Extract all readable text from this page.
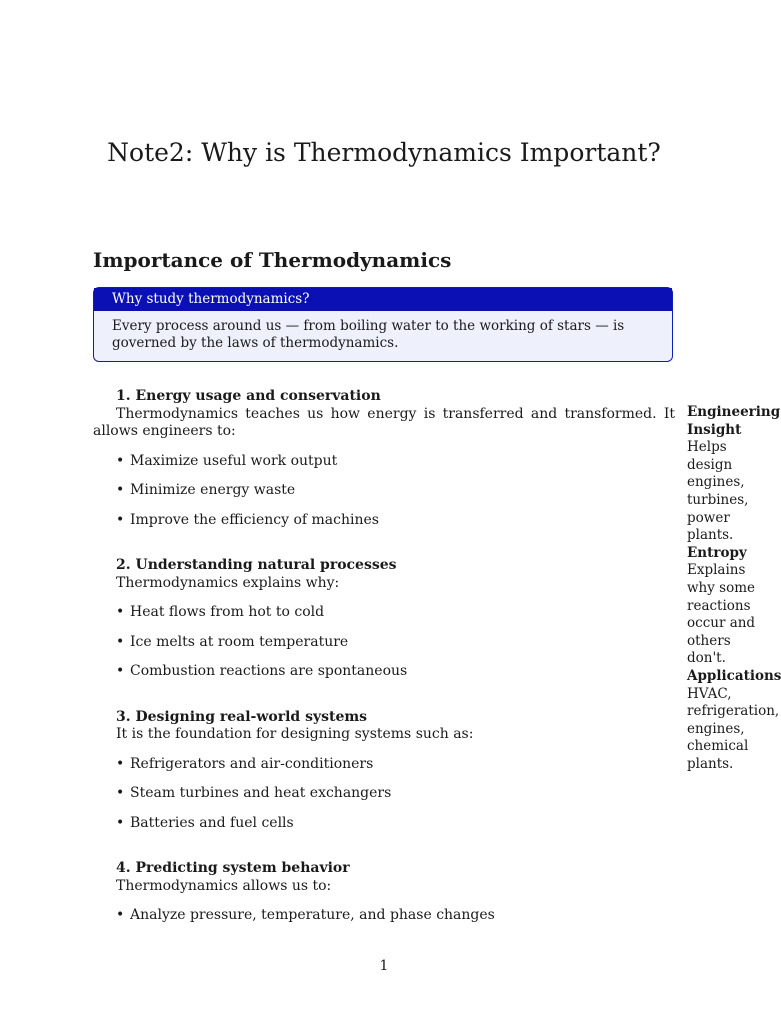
Note2: Why is Thermodynamics Important?
Importance of Thermodynamics
Why study thermodynamics?
Every process around us — from boiling water to the working of stars — is governed by the laws of thermodynamics.

1. Energy usage and conservation

Thermodynamics teaches us how energy is transferred and transformed. It allows engineers to:

• Maximize useful work output
• Minimize energy waste
• Improve the efficiency of machines

2. Understanding natural processes

Thermodynamics explains why:

• Heat flows from hot to cold
• Ice melts at room temperature
• Combustion reactions are spontaneous

3. Designing real-world systems

It is the foundation for designing systems such as:

• Refrigerators and air-conditioners
• Steam turbines and heat exchangers
• Batteries and fuel cells

4. Predicting system behavior

Thermodynamics allows us to:

• Analyze pressure, temperature, and phase changes
Engineering Insight
Helps design engines, turbines, power plants.
Entropy
Explains why some reactions occur and others don't.
Applications
HVAC, refrigeration, engines, chemical plants.
1
